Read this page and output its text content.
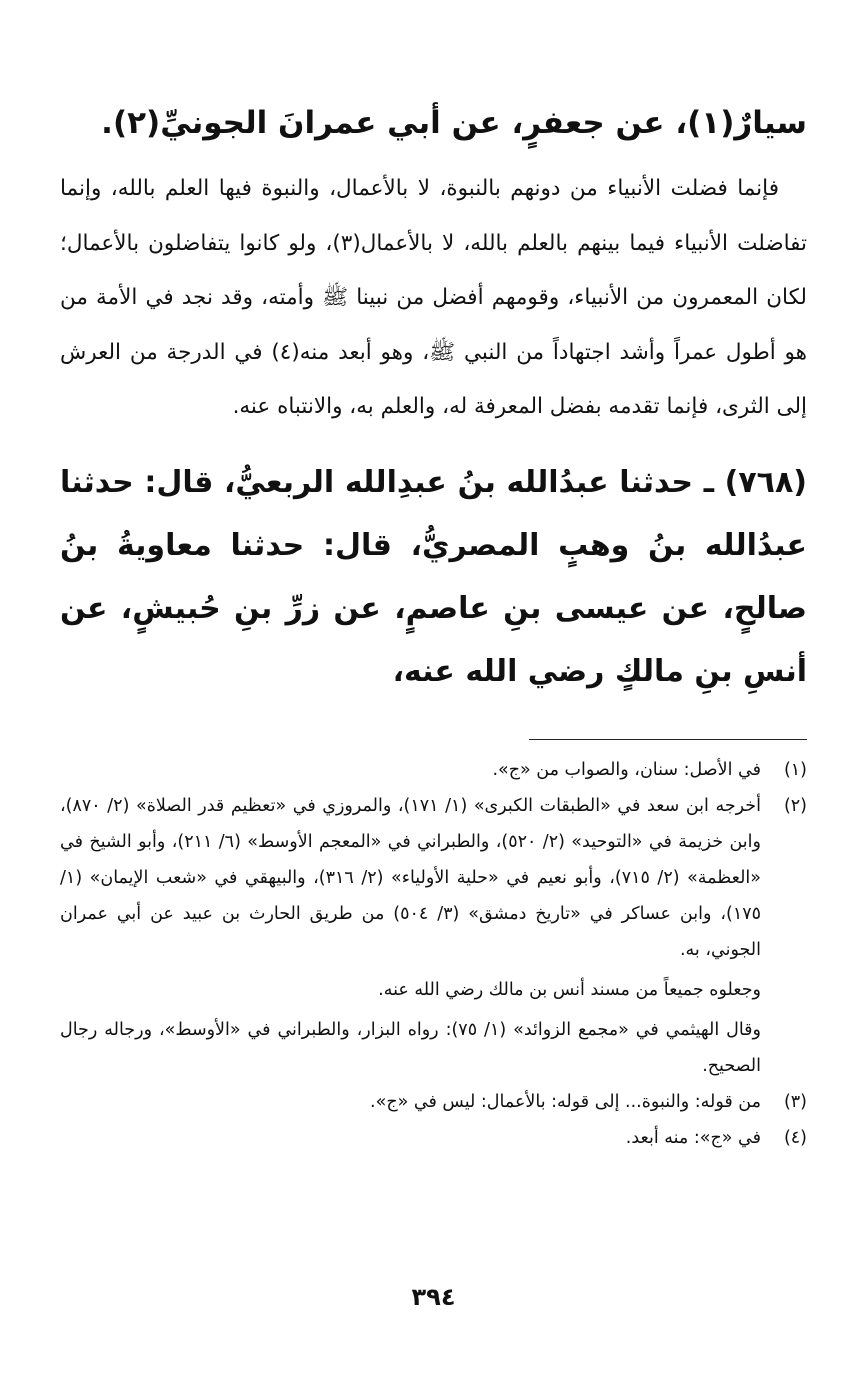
سيارٌ(١)، عن جعفرٍ، عن أبي عمرانَ الجونيِّ(٢).

فإنما فضلت الأنبياء من دونهم بالنبوة، لا بالأعمال، والنبوة فيها العلم بالله، وإنما تفاضلت الأنبياء فيما بينهم بالعلم بالله، لا بالأعمال(٣)، ولو كانوا يتفاضلون بالأعمال؛ لكان المعمرون من الأنبياء، وقومهم أفضل من نبينا ﷺ وأمته، وقد نجد في الأمة من هو أطول عمراً وأشد اجتهاداً من النبي ﷺ، وهو أبعد منه(٤) في الدرجة من العرش إلى الثرى، فإنما تقدمه بفضل المعرفة له، والعلم به، والانتباه عنه.

(٧٦٨) ـ حدثنا عبدُالله بنُ عبدِالله الربعيُّ، قال: حدثنا عبدُالله بنُ وهبٍ المصريُّ، قال: حدثنا معاويةُ بنُ صالحٍ، عن عيسى بنِ عاصمٍ، عن زرِّ بنِ حُبيشٍ، عن أنسِ بنِ مالكٍ رضي الله عنه،

(١)
في الأصل: سنان، والصواب من «ج».
(٢)
أخرجه ابن سعد في «الطبقات الكبرى» (١/ ١٧١)، والمروزي في «تعظيم قدر الصلاة» (٢/ ٨٧٠)، وابن خزيمة في «التوحيد» (٢/ ٥٢٠)، والطبراني في «المعجم الأوسط» (٦/ ٢١١)، وأبو الشيخ في «العظمة» (٢/ ٧١٥)، وأبو نعيم في «حلية الأولياء» (٢/ ٣١٦)، والبيهقي في «شعب الإيمان» (١/ ١٧٥)، وابن عساكر في «تاريخ دمشق» (٣/ ٥٠٤) من طريق الحارث بن عبيد عن أبي عمران الجوني، به.

وجعلوه جميعاً من مسند أنس بن مالك رضي الله عنه.

وقال الهيثمي في «مجمع الزوائد» (١/ ٧٥): رواه البزار، والطبراني في «الأوسط»، ورجاله رجال الصحيح.

(٣)
من قوله: والنبوة... إلى قوله: بالأعمال: ليس في «ج».
(٤)
في «ج»: منه أبعد.
٣٩٤
